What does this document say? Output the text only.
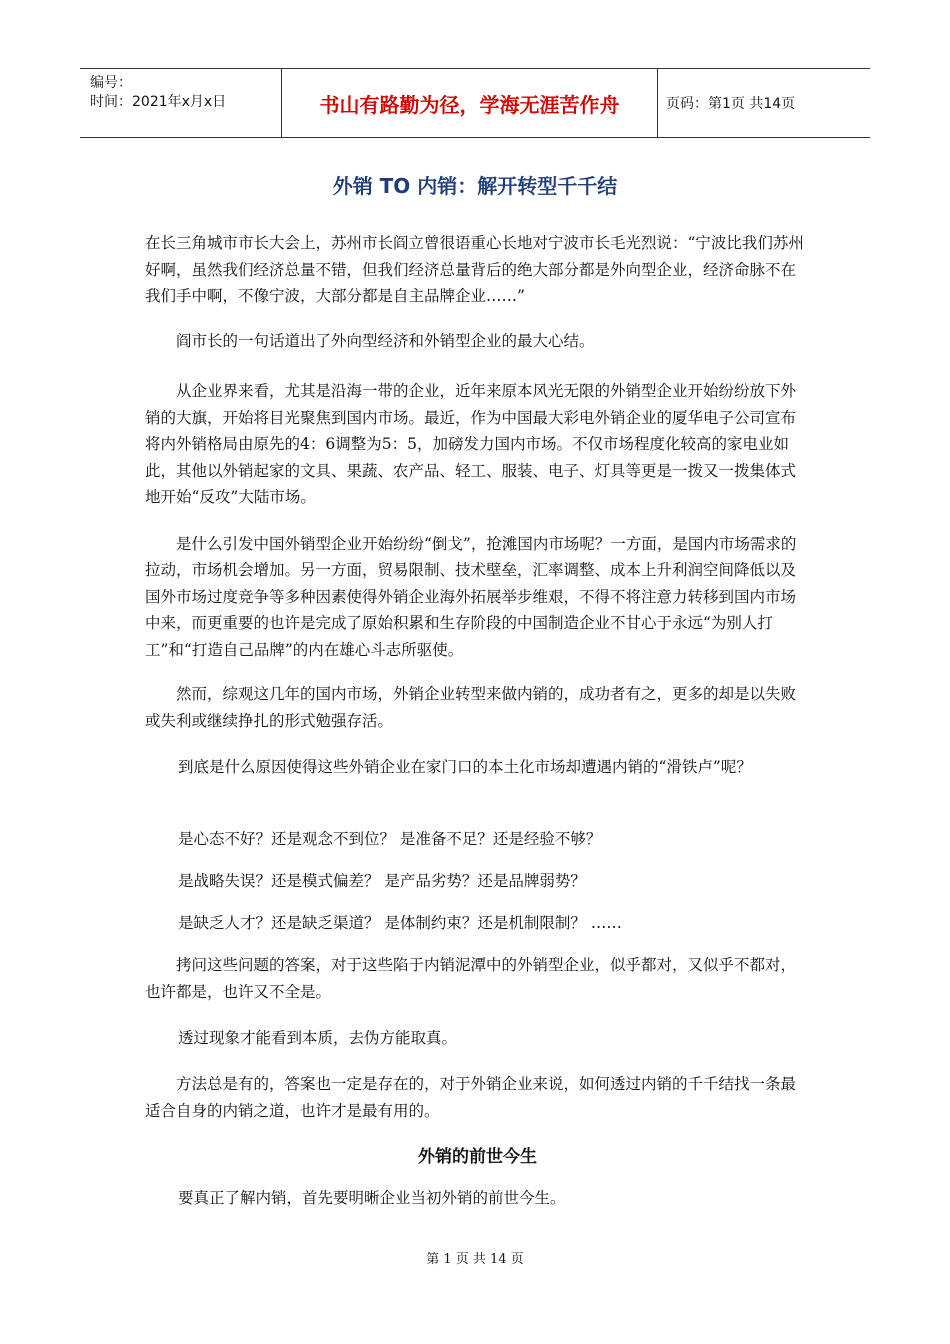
编号：
时间：2021年x月x日	书山有路勤为径，学海无涯苦作舟	页码：第1页 共14页
外销 TO 内销：解开转型千千结

在长三角城市市长大会上，苏州市长阎立曾很语重心长地对宁波市长毛光烈说：“宁波比我们苏州好啊，虽然我们经济总量不错，但我们经济总量背后的绝大部分都是外向型企业，经济命脉不在我们手中啊，不像宁波，大部分都是自主品牌企业……”

阎市长的一句话道出了外向型经济和外销型企业的最大心结。

从企业界来看，尤其是沿海一带的企业，近年来原本风光无限的外销型企业开始纷纷放下外销的大旗，开始将目光聚焦到国内市场。最近，作为中国最大彩电外销企业的厦华电子公司宣布将内外销格局由原先的4：6调整为5：5，加磅发力国内市场。不仅市场程度化较高的家电业如此，其他以外销起家的文具、果蔬、农产品、轻工、服装、电子、灯具等更是一拨又一拨集体式地开始“反攻”大陆市场。

是什么引发中国外销型企业开始纷纷“倒戈”，抢滩国内市场呢？一方面，是国内市场需求的拉动，市场机会增加。另一方面，贸易限制、技术壁垒，汇率调整、成本上升利润空间降低以及国外市场过度竞争等多种因素使得外销企业海外拓展举步维艰，不得不将注意力转移到国内市场中来，而更重要的也许是完成了原始积累和生存阶段的中国制造企业不甘心于永远“为别人打工”和“打造自己品牌”的内在雄心斗志所驱使。

然而，综观这几年的国内市场，外销企业转型来做内销的，成功者有之，更多的却是以失败或失利或继续挣扎的形式勉强存活。

到底是什么原因使得这些外销企业在家门口的本土化市场却遭遇内销的“滑铁卢”呢？
是心态不好？还是观念不到位？ 是准备不足？还是经验不够？
是战略失误？还是模式偏差？ 是产品劣势？还是品牌弱势？
是缺乏人才？还是缺乏渠道？ 是体制约束？还是机制限制？ ……

拷问这些问题的答案，对于这些陷于内销泥潭中的外销型企业，似乎都对，又似乎不都对，也许都是，也许又不全是。

透过现象才能看到本质，去伪方能取真。

方法总是有的，答案也一定是存在的，对于外销企业来说，如何透过内销的千千结找一条最适合自身的内销之道，也许才是最有用的。

外销的前世今生
要真正了解内销，首先要明晰企业当初外销的前世今生。
第 1 页 共 14 页
